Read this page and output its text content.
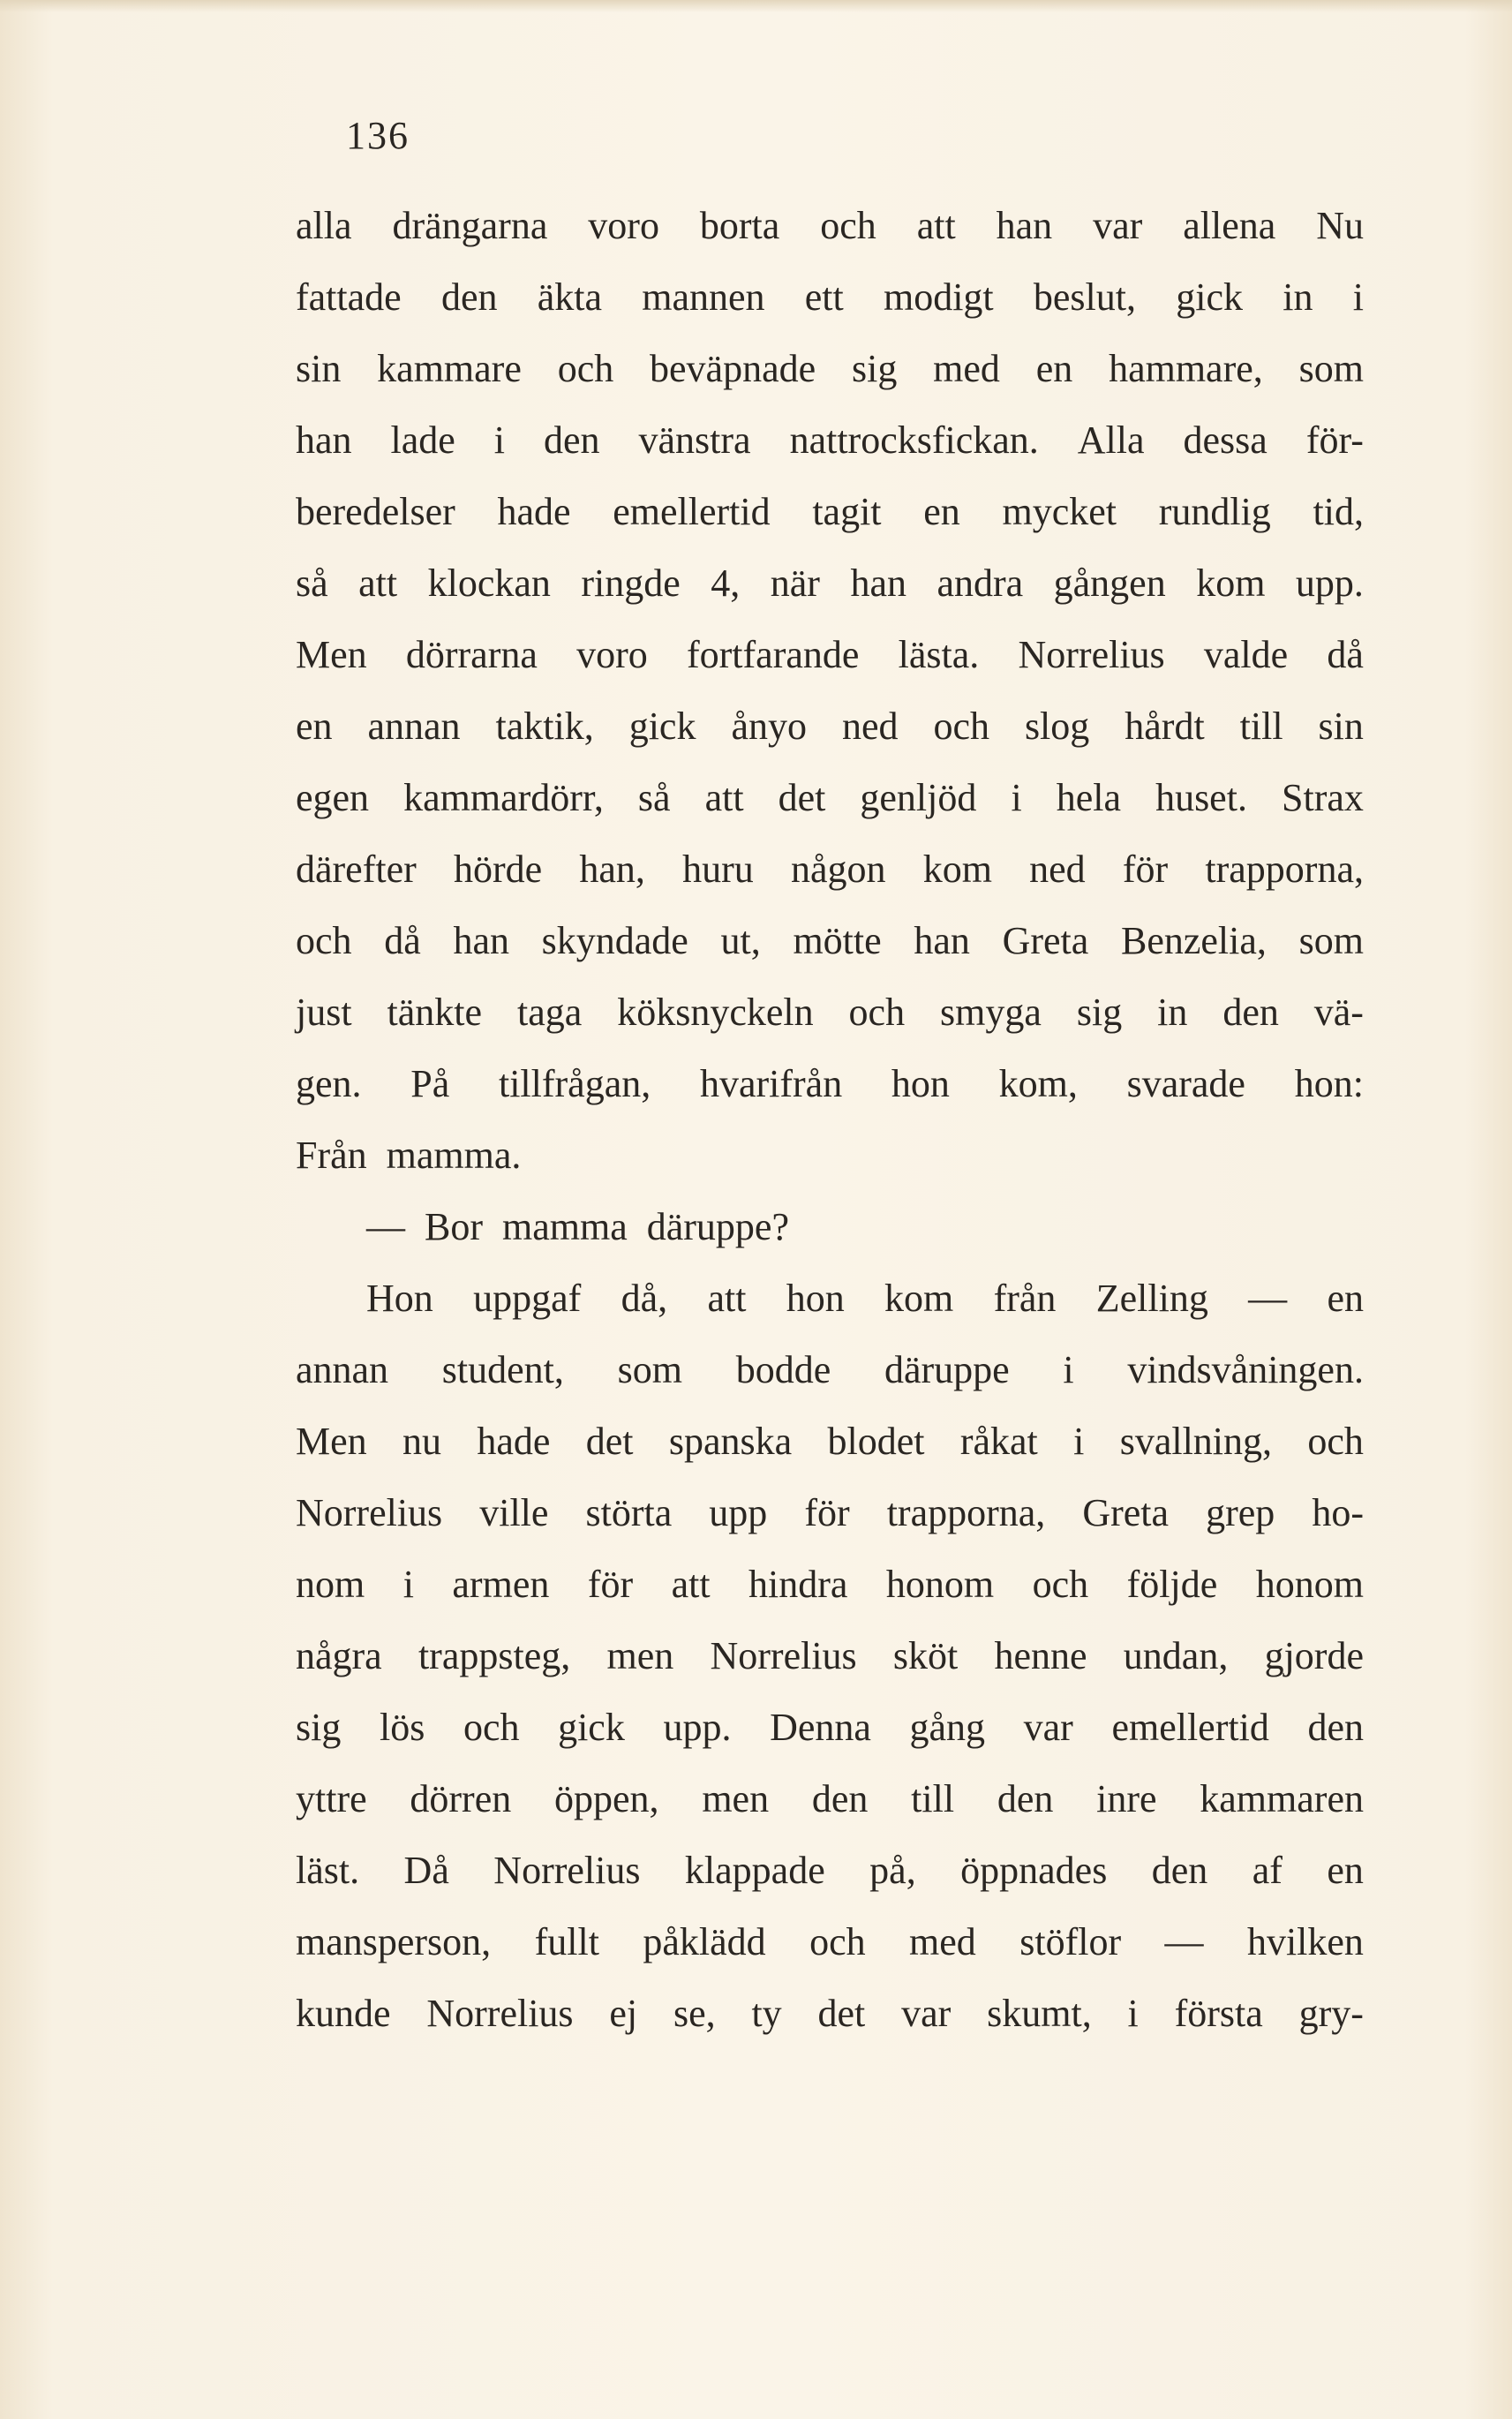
136

alla drängarna voro borta och att han var allena Nu

fattade den äkta mannen ett modigt beslut, gick in i

sin kammare och beväpnade sig med en hammare, som

han lade i den vänstra nattrocksfickan. Alla dessa för-

beredelser hade emellertid tagit en mycket rundlig tid,

så att klockan ringde 4, när han andra gången kom upp.

Men dörrarna voro fortfarande lästa. Norrelius valde då

en annan taktik, gick ånyo ned och slog hårdt till sin

egen kammardörr, så att det genljöd i hela huset. Strax

därefter hörde han, huru någon kom ned för trapporna,

och då han skyndade ut, mötte han Greta Benzelia, som

just tänkte taga köksnyckeln och smyga sig in den vä-

gen. På tillfrågan, hvarifrån hon kom, svarade hon:

Från mamma.

— Bor mamma däruppe?

Hon uppgaf då, att hon kom från Zelling — en

annan student, som bodde däruppe i vindsvåningen.

Men nu hade det spanska blodet råkat i svallning, och

Norrelius ville störta upp för trapporna, Greta grep ho-

nom i armen för att hindra honom och följde honom

några trappsteg, men Norrelius sköt henne undan, gjorde

sig lös och gick upp. Denna gång var emellertid den

yttre dörren öppen, men den till den inre kammaren

läst. Då Norrelius klappade på, öppnades den af en

mansperson, fullt påklädd och med stöflor — hvilken

kunde Norrelius ej se, ty det var skumt, i första gry-
